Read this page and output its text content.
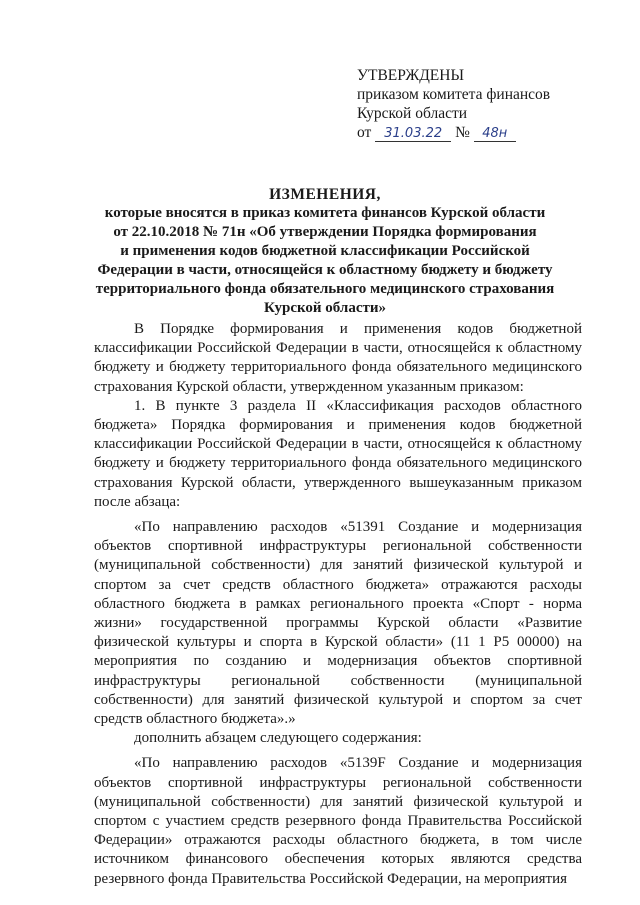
УТВЕРЖДЕНЫ
приказом комитета финансов
Курской области
от 31.03.22 № 48н
ИЗМЕНЕНИЯ,
которые вносятся в приказ комитета финансов Курской области
от 22.10.2018 № 71н «Об утверждении Порядка формирования
и применения кодов бюджетной классификации Российской
Федерации в части, относящейся к областному бюджету и бюджету
территориального фонда обязательного медицинского страхования
Курской области»

В Порядке формирования и применения кодов бюджетной классификации Российской Федерации в части, относящейся к областному бюджету и бюджету территориального фонда обязательного медицинского страхования Курской области, утвержденном указанным приказом:

1. В пункте 3 раздела II «Классификация расходов областного бюджета» Порядка формирования и применения кодов бюджетной классификации Российской Федерации в части, относящейся к областному бюджету и бюджету территориального фонда обязательного медицинского страхования Курской области, утвержденного вышеуказанным приказом после абзаца:

«По направлению расходов «51391 Создание и модернизация объектов спортивной инфраструктуры региональной собственности (муниципальной собственности) для занятий физической культурой и спортом за счет средств областного бюджета» отражаются расходы областного бюджета в рамках регионального проекта «Спорт - норма жизни» государственной программы Курской области «Развитие физической культуры и спорта в Курской области» (11 1 Р5 00000) на мероприятия по созданию и модернизация объектов спортивной инфраструктуры региональной собственности (муниципальной собственности) для занятий физической культурой и спортом за счет средств областного бюджета».»

дополнить абзацем следующего содержания:

«По направлению расходов «5139F Создание и модернизация объектов спортивной инфраструктуры региональной собственности (муниципальной собственности) для занятий физической культурой и спортом с участием средств резервного фонда Правительства Российской Федерации» отражаются расходы областного бюджета, в том числе источником финансового обеспечения которых являются средства резервного фонда Правительства Российской Федерации, на мероприятия
